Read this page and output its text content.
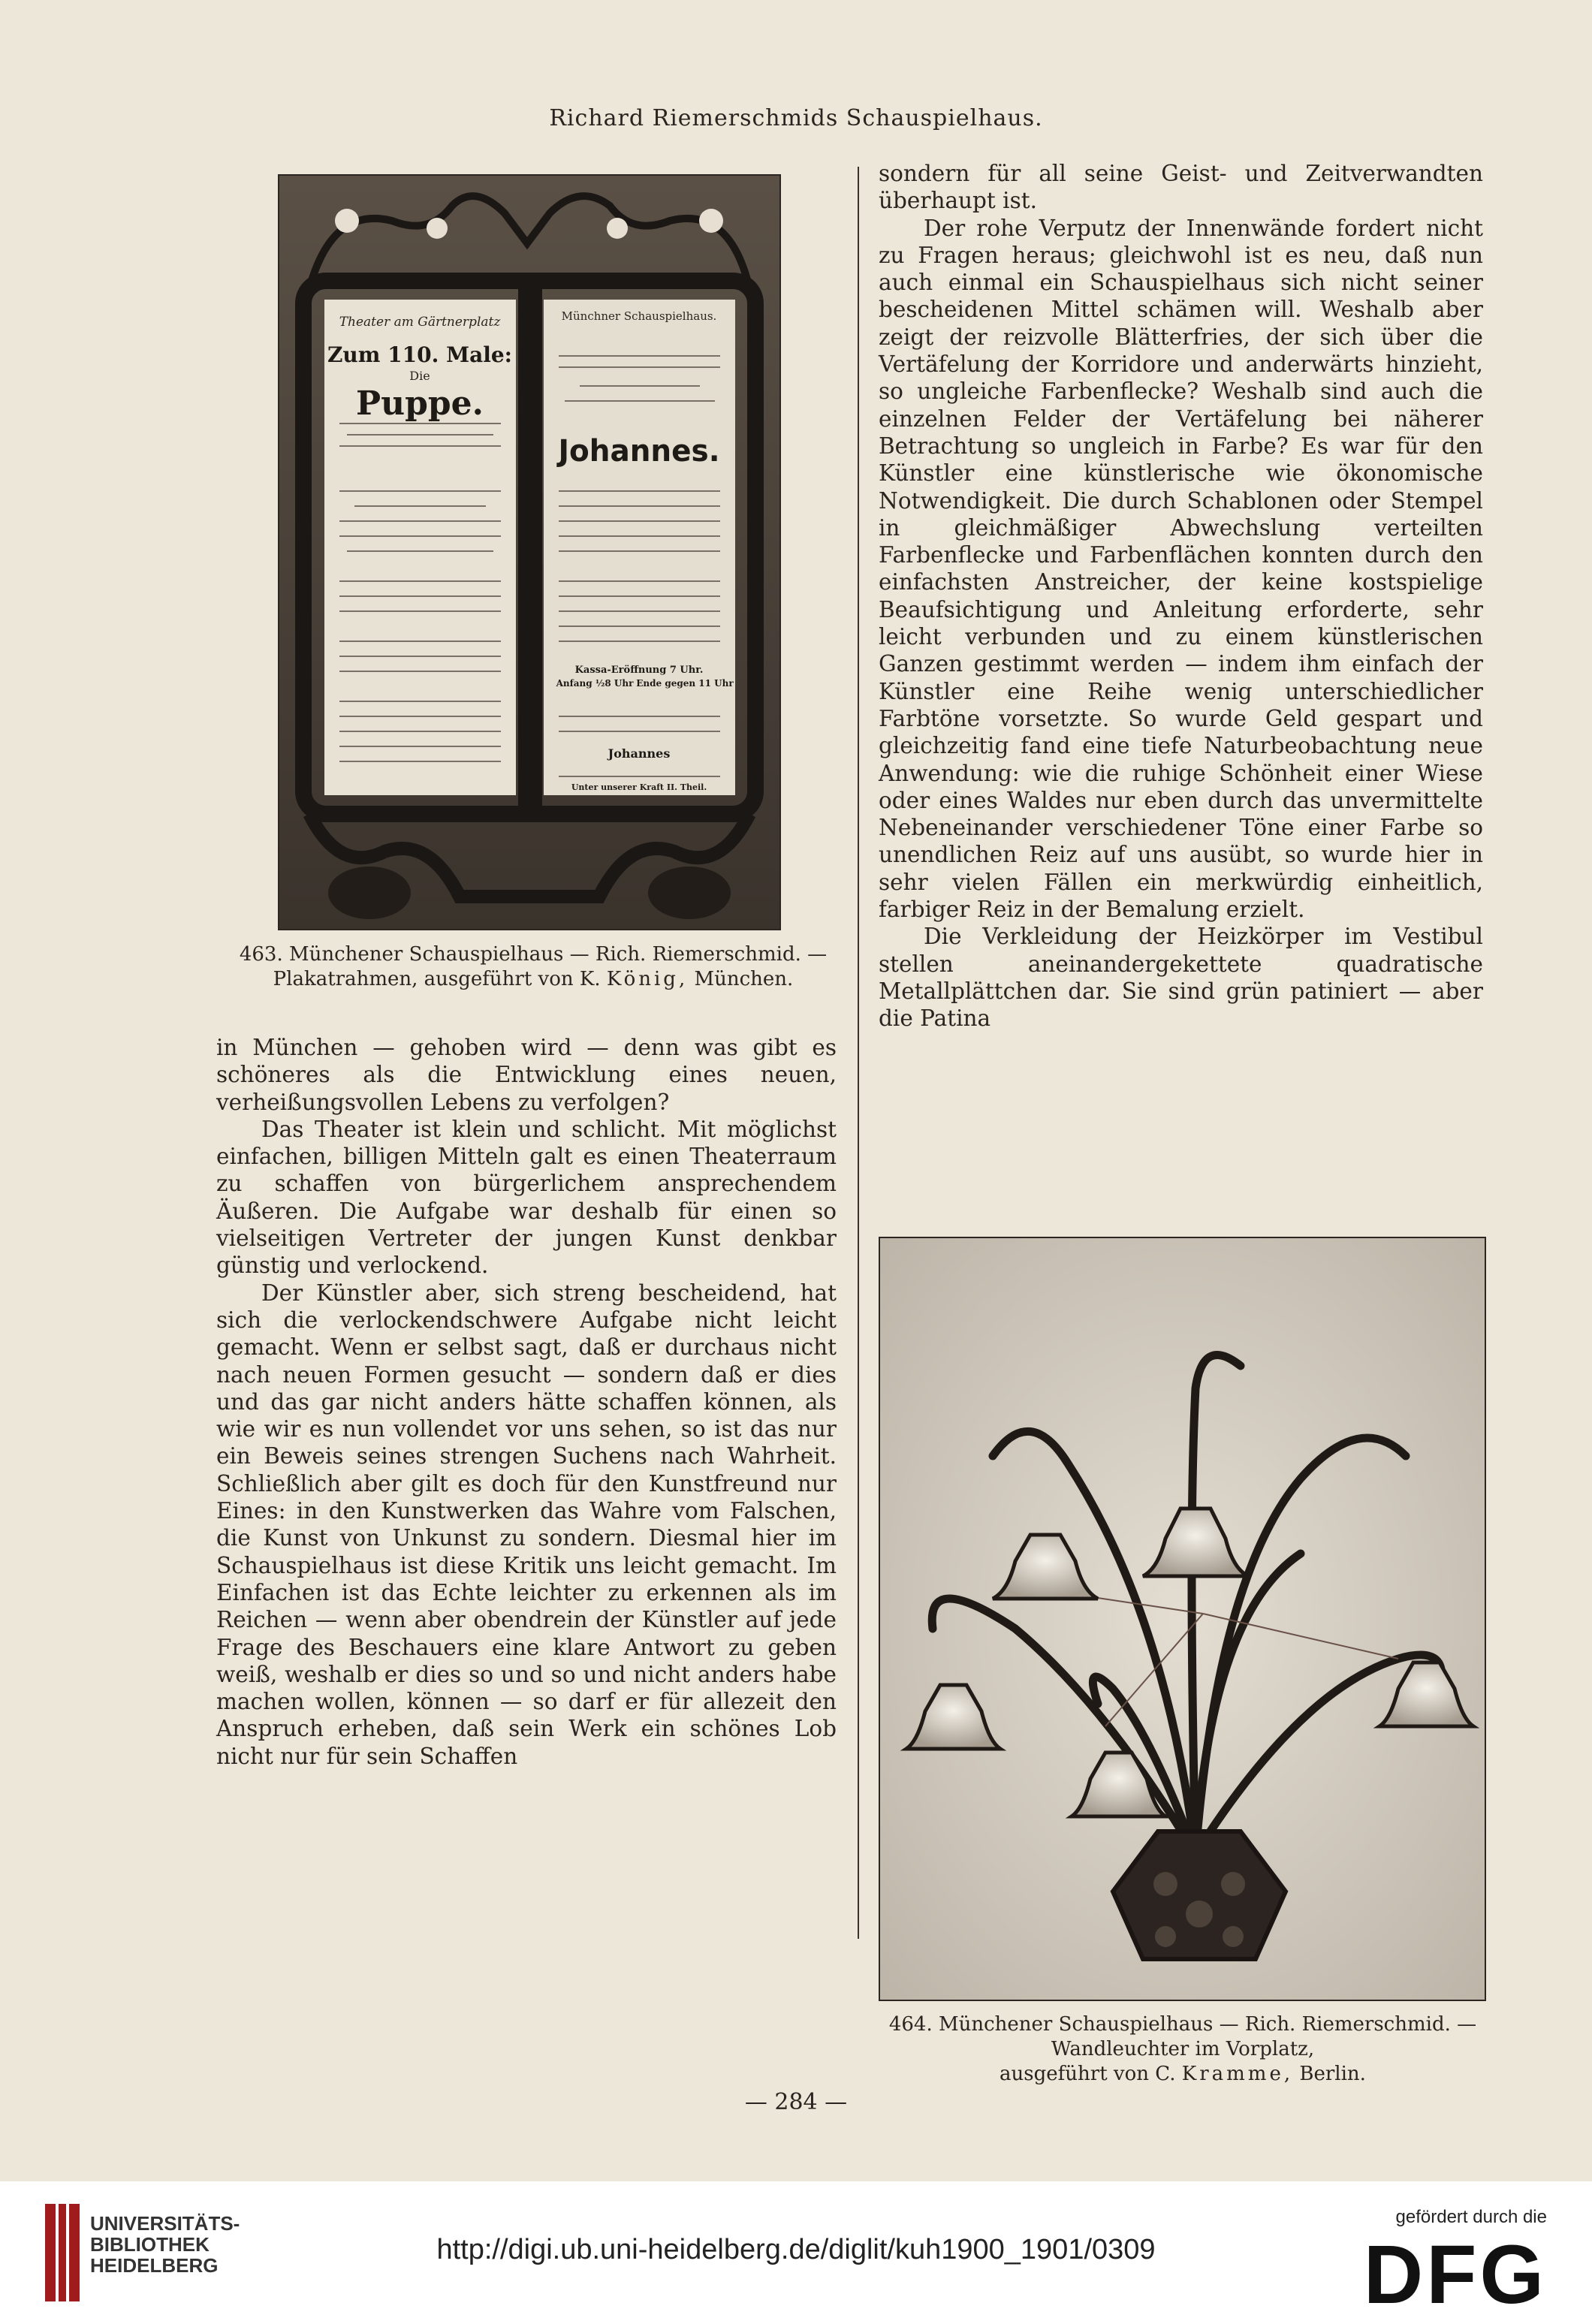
Richard Riemerschmids Schauspielhaus.
Theater am Gärtnerplatz
Zum 110. Male:
Die
Puppe.
Münchner Schauspielhaus.
Johannes.
Kassa-Eröffnung 7 Uhr.
Anfang ½8 Uhr Ende gegen 11 Uhr
Johannes
Unter unserer Kraft II. Theil.
463. Münchener Schauspielhaus — Rich. Riemerschmid. —
Plakatrahmen, ausgeführt von K. König, München.

in München — gehoben wird — denn was gibt es schöneres als die Entwicklung eines neuen, verheißungsvollen Lebens zu verfolgen?

Das Theater ist klein und schlicht. Mit möglichst einfachen, billigen Mitteln galt es einen Theaterraum zu schaffen von bürgerlichem ansprechendem Äußeren. Die Aufgabe war deshalb für einen so vielseitigen Vertreter der jungen Kunst denkbar günstig und verlockend.

Der Künstler aber, sich streng bescheidend, hat sich die verlockendschwere Aufgabe nicht leicht gemacht. Wenn er selbst sagt, daß er durchaus nicht nach neuen Formen gesucht — sondern daß er dies und das gar nicht anders hätte schaffen können, als wie wir es nun vollendet vor uns sehen, so ist das nur ein Beweis seines strengen Suchens nach Wahrheit. Schließlich aber gilt es doch für den Kunstfreund nur Eines: in den Kunstwerken das Wahre vom Falschen, die Kunst von Unkunst zu sondern. Diesmal hier im Schauspielhaus ist diese Kritik uns leicht gemacht. Im Einfachen ist das Echte leichter zu erkennen als im Reichen — wenn aber obendrein der Künstler auf jede Frage des Beschauers eine klare Antwort zu geben weiß, weshalb er dies so und so und nicht anders habe machen wollen, können — so darf er für allezeit den Anspruch erheben, daß sein Werk ein schönes Lob nicht nur für sein Schaffen

sondern für all seine Geist- und Zeitverwandten überhaupt ist.

Der rohe Verputz der Innenwände fordert nicht zu Fragen heraus; gleichwohl ist es neu, daß nun auch einmal ein Schauspielhaus sich nicht seiner bescheidenen Mittel schämen will. Weshalb aber zeigt der reizvolle Blätterfries, der sich über die Vertäfelung der Korridore und anderwärts hinzieht, so ungleiche Farbenflecke? Weshalb sind auch die einzelnen Felder der Vertäfelung bei näherer Betrachtung so ungleich in Farbe? Es war für den Künstler eine künstlerische wie ökonomische Notwendigkeit. Die durch Schablonen oder Stempel in gleichmäßiger Abwechslung verteilten Farbenflecke und Farbenflächen konnten durch den einfachsten Anstreicher, der keine kostspielige Beaufsichtigung und Anleitung erforderte, sehr leicht verbunden und zu einem künstlerischen Ganzen gestimmt werden — indem ihm einfach der Künstler eine Reihe wenig unterschiedlicher Farbtöne vorsetzte. So wurde Geld gespart und gleichzeitig fand eine tiefe Naturbeobachtung neue Anwendung: wie die ruhige Schönheit einer Wiese oder eines Waldes nur eben durch das unvermittelte Nebeneinander verschiedener Töne einer Farbe so unendlichen Reiz auf uns ausübt, so wurde hier in sehr vielen Fällen ein merkwürdig einheitlich, farbiger Reiz in der Bemalung erzielt.

Die Verkleidung der Heizkörper im Vestibul stellen aneinandergekettete quadratische Metallplättchen dar. Sie sind grün patiniert — aber die Patina

464. Münchener Schauspielhaus — Rich. Riemerschmid. —
Wandleuchter im Vorplatz,
ausgeführt von C. Kramme, Berlin.
— 284 —
UNIVERSITÄTS-
BIBLIOTHEK
HEIDELBERG	http://digi.ub.uni-heidelberg.de/diglit/kuh1900_1901/0309
gefördert durch die
DFG
